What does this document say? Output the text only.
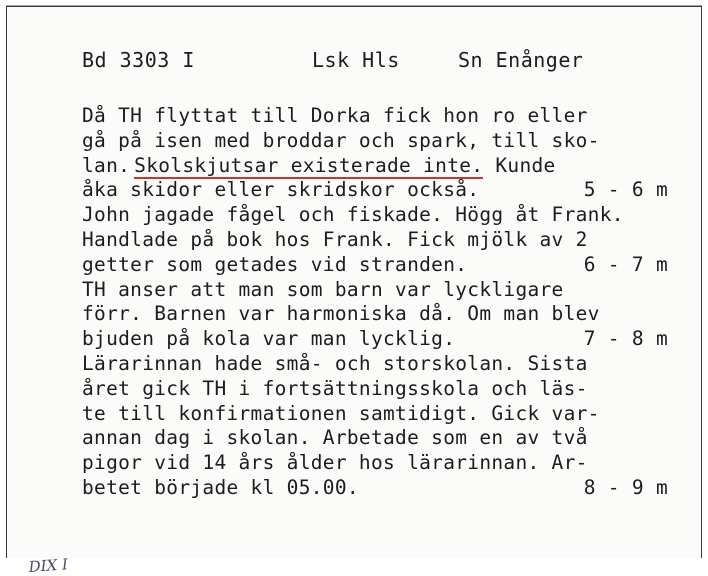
Bd 3303 I	Lsk Hls	Sn Enånger
Då TH flyttat till Dorka fick hon ro eller
gå på isen med broddar och spark, till sko-
lan. Skolskjutsar existerade inte. Kunde
åka skidor eller skridskor också.	5 - 6 m
John jagade fågel och fiskade. Högg åt Frank.
Handlade på bok hos Frank. Fick mjölk av 2
getter som getades vid stranden.	6 - 7 m
TH anser att man som barn var lyckligare
förr. Barnen var harmoniska då. Om man blev
bjuden på kola var man lycklig.	7 - 8 m
Lärarinnan hade små- och storskolan. Sista
året gick TH i fortsättningsskola och läs-
te till konfirmationen samtidigt. Gick var-
annan dag i skolan. Arbetade som en av två
pigor vid 14 års ålder hos lärarinnan. Ar-
betet började kl 05.00.	8 - 9 m
DIX I
